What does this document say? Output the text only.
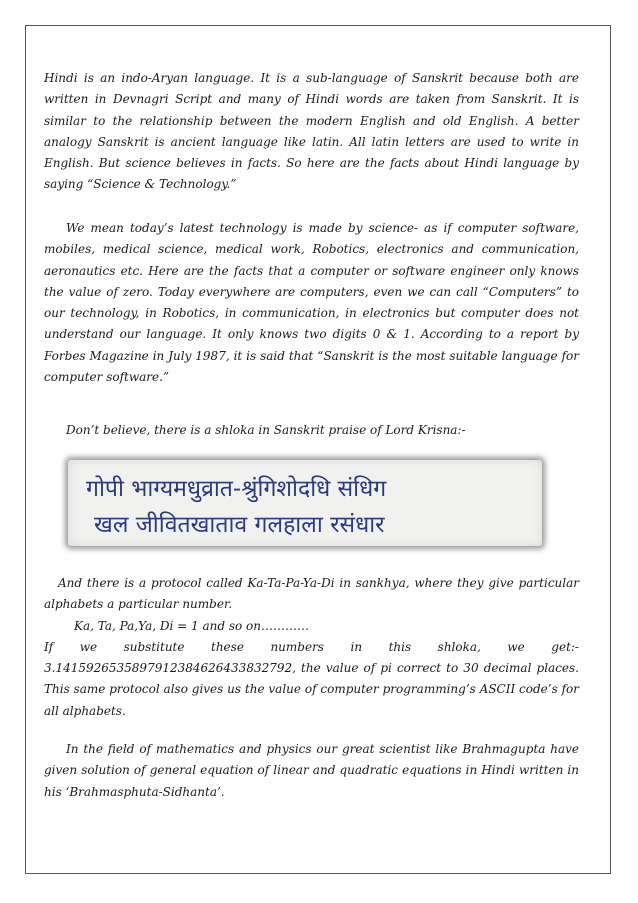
Hindi is an indo-Aryan language. It is a sub-language of Sanskrit because both are written in Devnagri Script and many of Hindi words are taken from Sanskrit. It is similar to the relationship between the modern English and old English. A better analogy Sanskrit is ancient language like latin. All latin letters are used to write in English. But science believes in facts. So here are the facts about Hindi language by saying “Science & Technology.”

We mean today’s latest technology is made by science- as if computer software, mobiles, medical science, medical work, Robotics, electronics and communication, aeronautics etc. Here are the facts that a computer or software engineer only knows the value of zero. Today everywhere are computers, even we can call “Computers” to our technology, in Robotics, in communication, in electronics but computer does not understand our language. It only knows two digits 0 & 1. According to a report by Forbes Magazine in July 1987, it is said that “Sanskrit is the most suitable language for computer software.”

Don’t believe, there is a shloka in Sanskrit praise of Lord Krisna:-

गोपी भाग्यमधुव्रात-श्रुंगिशोदधि संधिग
खल जीवितखाताव गलहाला रसंधार

And there is a protocol called Ka-Ta-Pa-Ya-Di in sankhya, where they give particular alphabets a particular number.

Ka, Ta, Pa,Ya, Di = 1 and so on…………

If we substitute these numbers in this shloka, we get:-

3.1415926535897912384626433832792, the value of pi correct to 30 decimal places. This same protocol also gives us the value of computer programming’s ASCII code’s for all alphabets.

In the field of mathematics and physics our great scientist like Brahmagupta have given solution of general equation of linear and quadratic equations in Hindi written in his ‘Brahmasphuta-Sidhanta’.
